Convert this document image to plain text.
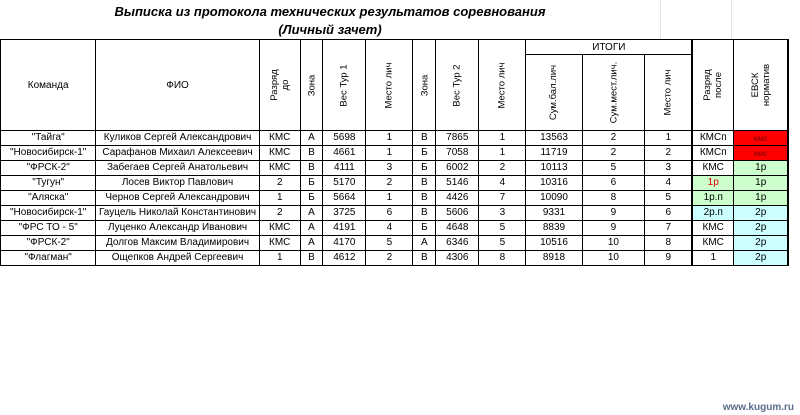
Выписка из протокола технических результатов соревнования
(Личный зачет)
Команда	ФИО	Разряд до	Зона	Вес Тур 1	Место лич	Зона	Вес Тур 2	Место лич	ИТОГИ			Разряд после	ЕВСК норматив
									Сум.бал.лич	Сум.мест.лич.	Место лич		
"Тайга"	Куликов Сергей Александрович	КМС	А	5698	1	В	7865	1	13563	2	1	КМСп	кмс
"Новосибирск-1"	Сарафанов Михаил Алексеевич	КМС	В	4661	1	Б	7058	1	11719	2	2	КМСп	кмс
"ФРСК-2"	Забегаев Сергей Анатольевич	КМС	В	4111	3	Б	6002	2	10113	5	3	КМС	1р
"Тугун"	Лосев Виктор Павлович	2	Б	5170	2	В	5146	4	10316	6	4	1р	1р
"Аляска"	Чернов Сергей Александрович	1	Б	5664	1	В	4426	7	10090	8	5	1р.п	1р
"Новосибирск-1"	Гауцель Николай Константинович	2	А	3725	6	В	5606	3	9331	9	6	2р.п	2р
"ФРС ТО - 5"	Луценко Александр Иванович	КМС	А	4191	4	Б	4648	5	8839	9	7	КМС	2р
"ФРСК-2"	Долгов Максим Владимирович	КМС	А	4170	5	А	6346	5	10516	10	8	КМС	2р
"Флагман"	Ощепков Андрей Сергеевич	1	В	4612	2	В	4306	8	8918	10	9	1	2р
www.kugum.ru
